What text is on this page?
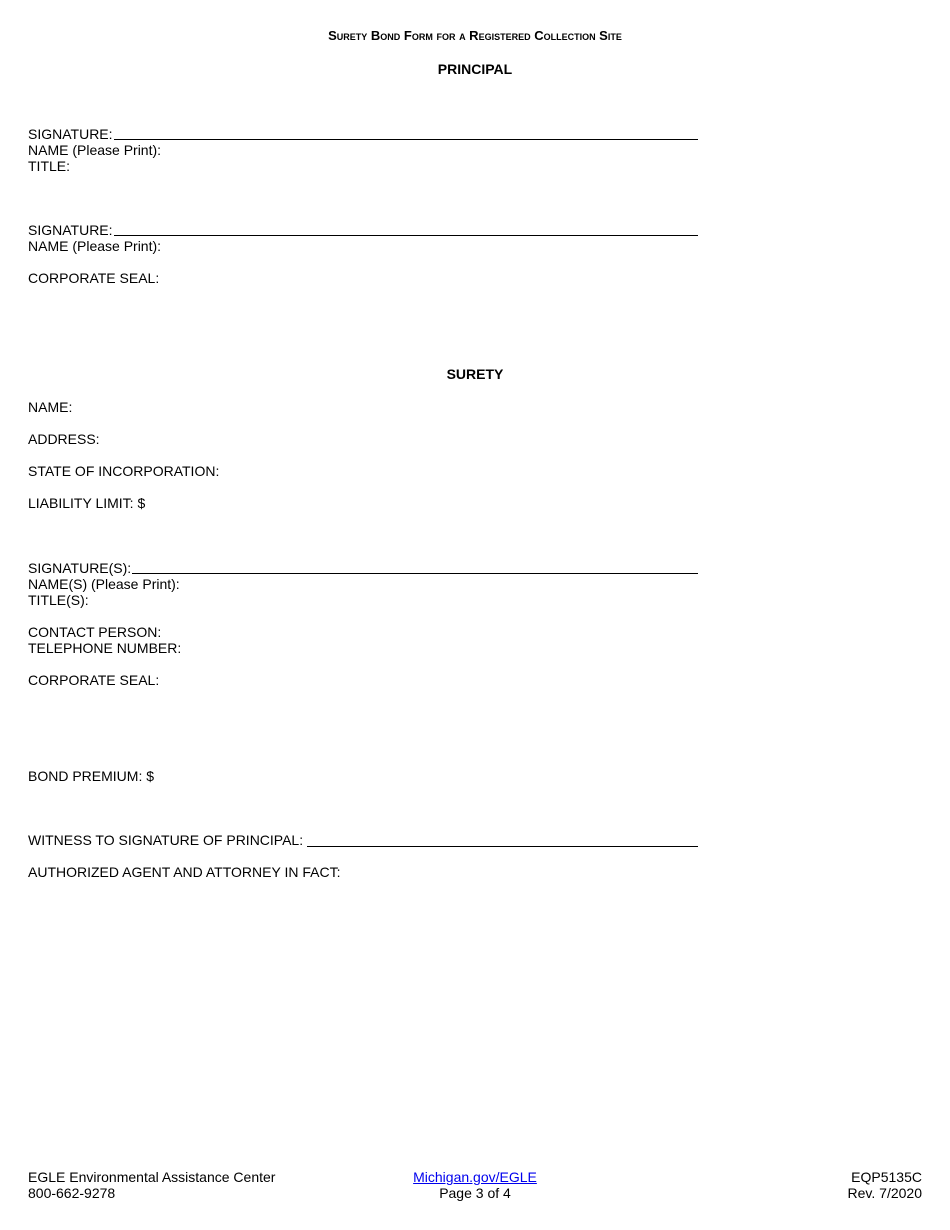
Surety Bond Form for a Registered Collection Site
PRINCIPAL
SIGNATURE:
NAME (Please Print):
TITLE:
SIGNATURE:
NAME (Please Print):
CORPORATE SEAL:
SURETY
NAME:
ADDRESS:
STATE OF INCORPORATION:
LIABILITY LIMIT: $
SIGNATURE(S):
NAME(S) (Please Print):
TITLE(S):
CONTACT PERSON:
TELEPHONE NUMBER:
CORPORATE SEAL:
BOND PREMIUM: $
WITNESS TO SIGNATURE OF PRINCIPAL:
AUTHORIZED AGENT AND ATTORNEY IN FACT:
EGLE Environmental Assistance Center
800-662-9278
Michigan.gov/EGLE
Page 3 of 4
EQP5135C
Rev. 7/2020
